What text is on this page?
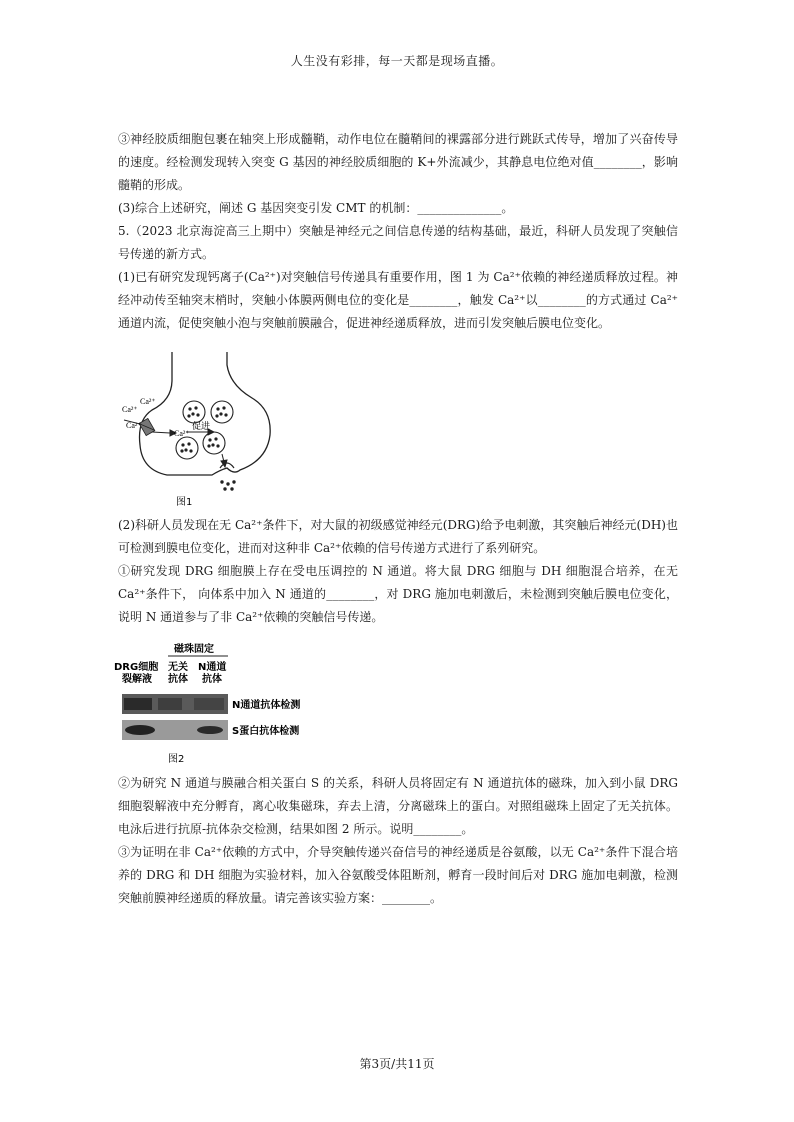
人生没有彩排，每一天都是现场直播。

③神经胶质细胞包裹在轴突上形成髓鞘，动作电位在髓鞘间的裸露部分进行跳跃式传导，增加了兴奋传导的速度。经检测发现转入突变 G 基因的神经胶质细胞的 K+外流减少，其静息电位绝对值________，影响髓鞘的形成。

(3)综合上述研究，阐述 G 基因突变引发 CMT 的机制：______________。

5.（2023 北京海淀高三上期中）突触是神经元之间信息传递的结构基础，最近，科研人员发现了突触信号传递的新方式。

(1)已有研究发现钙离子(Ca²⁺)对突触信号传递具有重要作用，图 1 为 Ca²⁺依赖的神经递质释放过程。神经冲动传至轴突末梢时，突触小体膜两侧电位的变化是________，触发 Ca²⁺以________的方式通过 Ca²⁺通道内流，促使突触小泡与突触前膜融合，促进神经递质释放，进而引发突触后膜电位变化。

Ca²⁺
Ca²⁺
Ca²⁺
Ca²⁺
促进
图1

(2)科研人员发现在无 Ca²⁺条件下，对大鼠的初级感觉神经元(DRG)给予电刺激，其突触后神经元(DH)也可检测到膜电位变化，进而对这种非 Ca²⁺依赖的信号传递方式进行了系列研究。

①研究发现 DRG 细胞膜上存在受电压调控的 N 通道。将大鼠 DRG 细胞与 DH 细胞混合培养，在无 Ca²⁺条件下， 向体系中加入 N 通道的________，对 DRG 施加电刺激后，未检测到突触后膜电位变化，说明 N 通道参与了非 Ca²⁺依赖的突触信号传递。

磁珠固定
DRG细胞
裂解液
无关
抗体
N通道
抗体
N通道抗体检测
S蛋白抗体检测
图2

②为研究 N 通道与膜融合相关蛋白 S 的关系，科研人员将固定有 N 通道抗体的磁珠，加入到小鼠 DRG 细胞裂解液中充分孵育，离心收集磁珠，弃去上清，分离磁珠上的蛋白。对照组磁珠上固定了无关抗体。电泳后进行抗原-抗体杂交检测，结果如图 2 所示。说明________。

③为证明在非 Ca²⁺依赖的方式中，介导突触传递兴奋信号的神经递质是谷氨酸，以无 Ca²⁺条件下混合培养的 DRG 和 DH 细胞为实验材料，加入谷氨酸受体阻断剂，孵育一段时间后对 DRG 施加电刺激，检测突触前膜神经递质的释放量。请完善该实验方案：________。

第3页/共11页
